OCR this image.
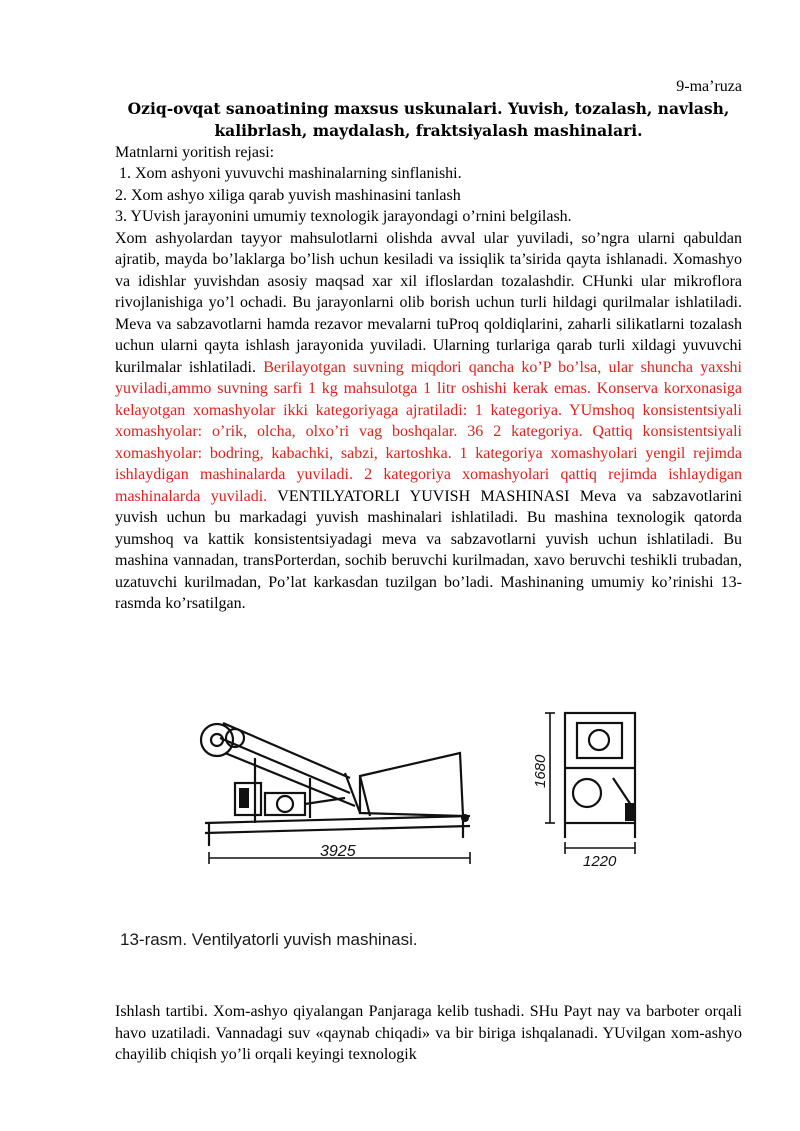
9-ma’ruza
Oziq-ovqat sanoatining maxsus uskunalari. Yuvish, tozalash, navlash,
kalibrlash, maydalash, fraktsiyalash mashinalari.

Matnlarni yoritish rejasi:

1. Xom ashyoni yuvuvchi mashinalarning sinflanishi.

2. Xom ashyo xiliga qarab yuvish mashinasini tanlash

3. YUvish jarayonini umumiy texnologik jarayondagi o’rnini belgilash.

Xom ashyolardan tayyor mahsulotlarni olishda avval ular yuviladi, so’ngra ularni qabuldan ajratib, mayda bo’laklarga bo’lish uchun kesiladi va issiqlik ta’sirida qayta ishlanadi. Xomashyo va idishlar yuvishdan asosiy maqsad xar xil ifloslardan tozalashdir. CHunki ular mikroflora rivojlanishiga yo’l ochadi. Bu jarayonlarni olib borish uchun turli hildagi qurilmalar ishlatiladi. Meva va sabzavotlarni hamda rezavor mevalarni tuProq qoldiqlarini, zaharli silikatlarni tozalash uchun ularni qayta ishlash jarayonida yuviladi. Ularning turlariga qarab turli xildagi yuvuvchi kurilmalar ishlatiladi. Berilayotgan suvning miqdori qancha ko’P bo’lsa, ular shuncha yaxshi yuviladi,ammo suvning sarfi 1 kg mahsulotga 1 litr oshishi kerak emas. Konserva korxonasiga kelayotgan xomashyolar ikki kategoriyaga ajratiladi: 1 kategoriya. YUmshoq konsistentsiyali xomashyolar: o’rik, olcha, olxo’ri vag boshqalar. 36 2 kategoriya. Qattiq konsistentsiyali xomashyolar: bodring, kabachki, sabzi, kartoshka. 1 kategoriya xomashyolari yengil rejimda ishlaydigan mashinalarda yuviladi. 2 kategoriya xomashyolari qattiq rejimda ishlaydigan mashinalarda yuviladi. VENTILYATORLI YUVISH MASHINASI Meva va sabzavotlarini yuvish uchun bu markadagi yuvish mashinalari ishlatiladi. Bu mashina texnologik qatorda yumshoq va kattik konsistentsiyadagi meva va sabzavotlarni yuvish uchun ishlatiladi. Bu mashina vannadan, transPorterdan, sochib beruvchi kurilmadan, xavo beruvchi teshikli trubadan, uzatuvchi kurilmadan, Po’lat karkasdan tuzilgan bo’ladi. Mashinaning umumiy ko’rinishi 13-rasmda ko’rsatilgan.

3925
1680
1220
13-rasm. Ventilyatorli yuvish mashinasi.

Ishlash tartibi. Xom-ashyo qiyalangan Panjaraga kelib tushadi. SHu Payt nay va barboter orqali havo uzatiladi. Vannadagi suv «qaynab chiqadi» va bir biriga ishqalanadi. YUvilgan xom-ashyo chayilib chiqish yo’li orqali keyingi texnologik
